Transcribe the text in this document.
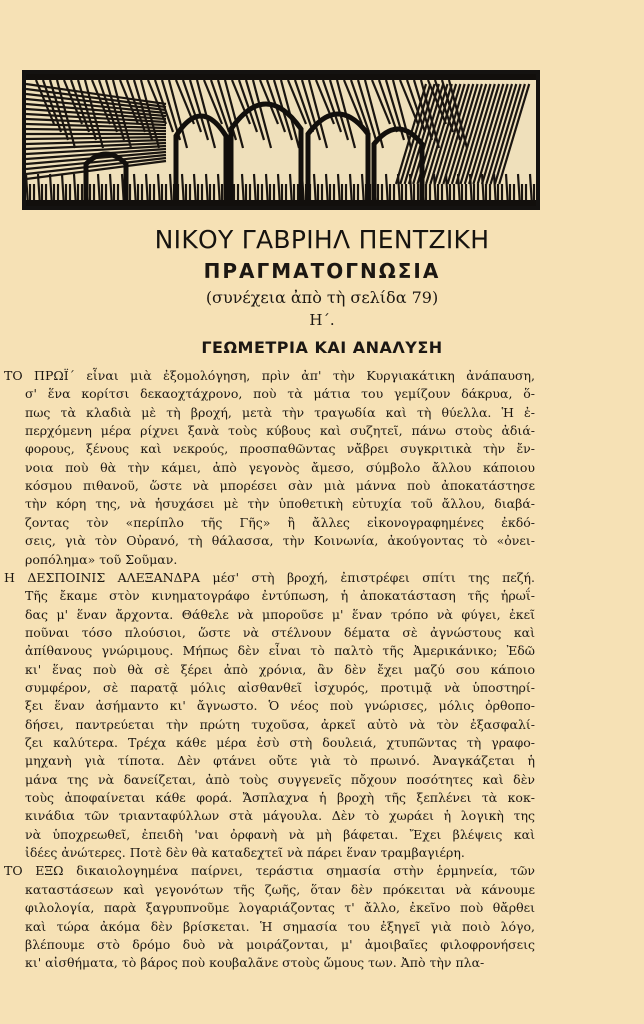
ΝΙΚΟΥ ΓΑΒΡΙΗΛ ΠΕΝΤΖΙΚΗ
ΠΡΑΓΜΑΤΟΓΝΩΣΙΑ
(συνέχεια ἀπὸ τὴ σελίδα 79)
Η΄.
ΓΕΩΜΕΤΡΙΑ ΚΑΙ ΑΝΑΛΥΣΗ
ΤΟ ΠΡΩΪ΄ εἶναι μιὰ ἐξομολόγηση, πρὶν ἀπ' τὴν Κυργιακάτικη ἀνάπαυση,
σ' ἕνα κορίτσι δεκαοχτάχρονο, ποὺ τὰ μάτια του γεμίζουν δάκρυα, ὅ-
πως τὰ κλαδιὰ μὲ τὴ βροχή, μετὰ τὴν τραγωδία καὶ τὴ θύελλα. Ἡ ἐ-
περχόμενη μέρα ρίχνει ξανὰ τοὺς κύβους καὶ συζητεῖ, πάνω στοὺς ἀδιά-
φορους, ξένους καὶ νεκρούς, προσπαθῶντας νἄβρει συγκριτικὰ τὴν ἔν-
νοια ποὺ θὰ τὴν κάμει, ἀπὸ γεγονὸς ἄμεσο, σύμβολο ἄλλου κάποιου
κόσμου πιθανοῦ, ὥστε νὰ μπορέσει σὰν μιὰ μάννα ποὺ ἀποκατάστησε
τὴν κόρη της, νὰ ἡσυχάσει μὲ τὴν ὑποθετικὴ εὐτυχία τοῦ ἄλλου, διαβά-
ζοντας τὸν «περίπλο τῆς Γῆς» ἢ ἄλλες εἰκονογραφημένες ἐκδό-
σεις, γιὰ τὸν Οὐρανό, τὴ θάλασσα, τὴν Κοινωνία, ἀκούγοντας τὸ «ὀνει-
ροπόλημα» τοῦ Σοῦμαν.
Η ΔΕΣΠΟΙΝΙΣ ΑΛΕΞΑΝΔΡΑ μέσ' στὴ βροχή, ἐπιστρέφει σπίτι της πεζή.
Τῆς ἔκαμε στὸν κινηματογράφο ἐντύπωση, ἡ ἀποκατάσταση τῆς ἡρωΐ-
δας μ' ἕναν ἄρχοντα. Θάθελε νὰ μποροῦσε μ' ἕναν τρόπο νὰ φύγει, ἐκεῖ
ποῦναι τόσο πλούσιοι, ὥστε νὰ στέλνουν δέματα σὲ ἀγνώστους καὶ
ἀπίθανους γνώριμους. Μήπως δὲν εἶναι τὸ παλτὸ τῆς Ἀμερικάνικο; Ἐδῶ
κι' ἕνας ποὺ θὰ σὲ ξέρει ἀπὸ χρόνια, ἂν δὲν ἔχει μαζύ σου κάποιο
συμφέρον, σὲ παρατᾷ μόλις αἰσθανθεῖ ἰσχυρός, προτιμᾷ νὰ ὑποστηρί-
ξει ἕναν ἀσήμαντο κι' ἄγνωστο. Ὁ νέος ποὺ γνώρισες, μόλις ὀρθοπο-
δήσει, παντρεύεται τὴν πρώτη τυχοῦσα, ἀρκεῖ αὐτὸ νὰ τὸν ἐξασφαλί-
ζει καλύτερα. Τρέχα κάθε μέρα ἐσὺ στὴ δουλειά, χτυπῶντας τὴ γραφο-
μηχανὴ γιὰ τίποτα. Δὲν φτάνει οὔτε γιὰ τὸ πρωινό. Ἀναγκάζεται ἡ
μάνα της νὰ δανείζεται, ἀπὸ τοὺς συγγενεῖς πὄχουν ποσότητες καὶ δὲν
τοὺς ἀποφαίνεται κάθε φορά. Ἄσπλαχνα ἡ βροχὴ τῆς ξεπλένει τὰ κοκ-
κινάδια τῶν τριανταφύλλων στὰ μάγουλα. Δὲν τὸ χωράει ἡ λογικὴ της
νὰ ὑποχρεωθεῖ, ἐπειδὴ 'ναι ὀρφανὴ νὰ μὴ βάφεται. Ἔχει βλέψεις καὶ
ἰδέες ἀνώτερες. Ποτὲ δὲν θὰ καταδεχτεῖ νὰ πάρει ἕναν τραμβαγιέρη.
ΤΟ ΕΞΩ δικαιολογημένα παίρνει, τεράστια σημασία στὴν ἑρμηνεία, τῶν
καταστάσεων καὶ γεγονότων τῆς ζωῆς, ὅταν δὲν πρόκειται νὰ κάνουμε
φιλολογία, παρὰ ξαγρυπνοῦμε λογαριάζοντας τ' ἄλλο, ἐκεῖνο ποὺ θἄρθει
καὶ τώρα ἀκόμα δὲν βρίσκεται. Ἡ σημασία του ἐξηγεῖ γιὰ ποιὸ λόγο,
βλέπουμε στὸ δρόμο δυὸ νὰ μοιράζονται, μ' ἀμοιβαῖες φιλοφρονήσεις
κι' αἰσθήματα, τὸ βάρος ποὺ κουβαλᾶνε στοὺς ὤμους των. Ἀπὸ τὴν πλα-
